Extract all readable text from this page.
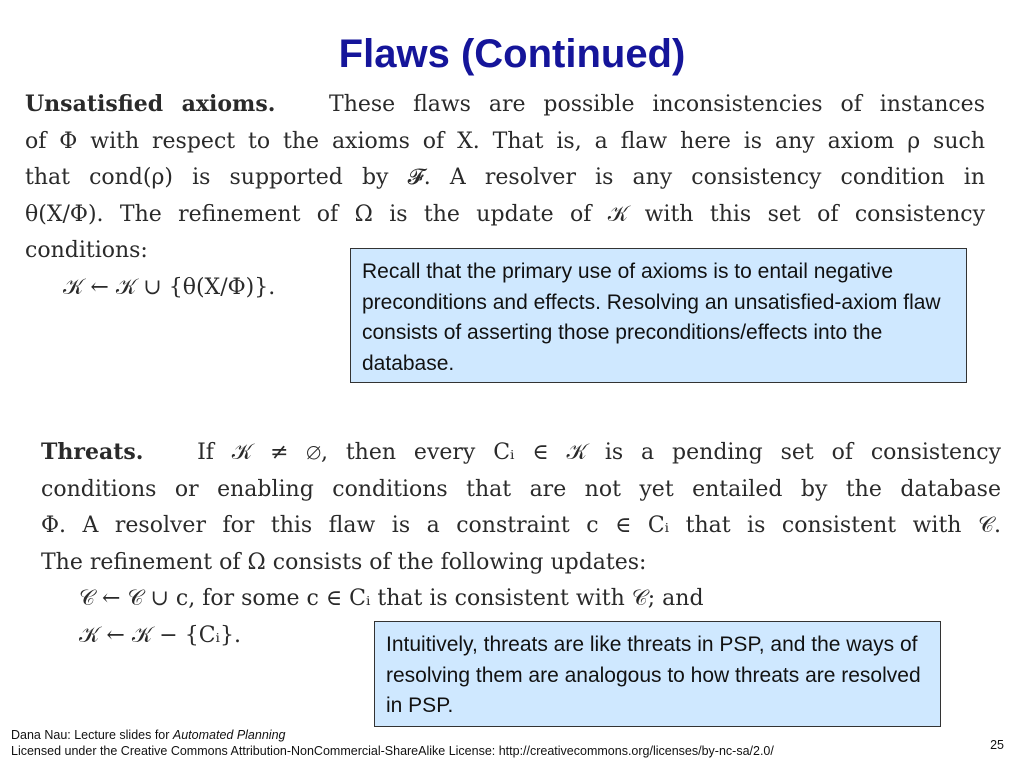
Flaws (Continued)
Unsatisfied axioms. These flaws are possible inconsistencies of instances
of Φ with respect to the axioms of X. That is, a flaw here is any axiom ρ such
that cond(ρ) is supported by 𝓕. A resolver is any consistency condition in
θ(X/Φ). The refinement of Ω is the update of 𝒦 with this set of consistency
conditions:
𝒦 ← 𝒦 ∪ {θ(X/Φ)}.
Recall that the primary use of axioms is to entail negative preconditions and effects. Resolving an unsatisfied-axiom flaw consists of asserting those preconditions/effects into the database.
Threats. If 𝒦 ≠ ∅, then every Cᵢ ∈ 𝒦 is a pending set of consistency
conditions or enabling conditions that are not yet entailed by the database
Φ. A resolver for this flaw is a constraint c ∈ Cᵢ that is consistent with 𝒞.
The refinement of Ω consists of the following updates:
𝒞 ← 𝒞 ∪ c, for some c ∈ Cᵢ that is consistent with 𝒞; and
𝒦 ← 𝒦 − {Cᵢ}.	Intuitively, threats are like threats in PSP, and the ways of resolving them are analogous to how threats are resolved in PSP.
Dana Nau: Lecture slides for Automated Planning
Licensed under the Creative Commons Attribution-NonCommercial-ShareAlike License: http://creativecommons.org/licenses/by-nc-sa/2.0/	25
